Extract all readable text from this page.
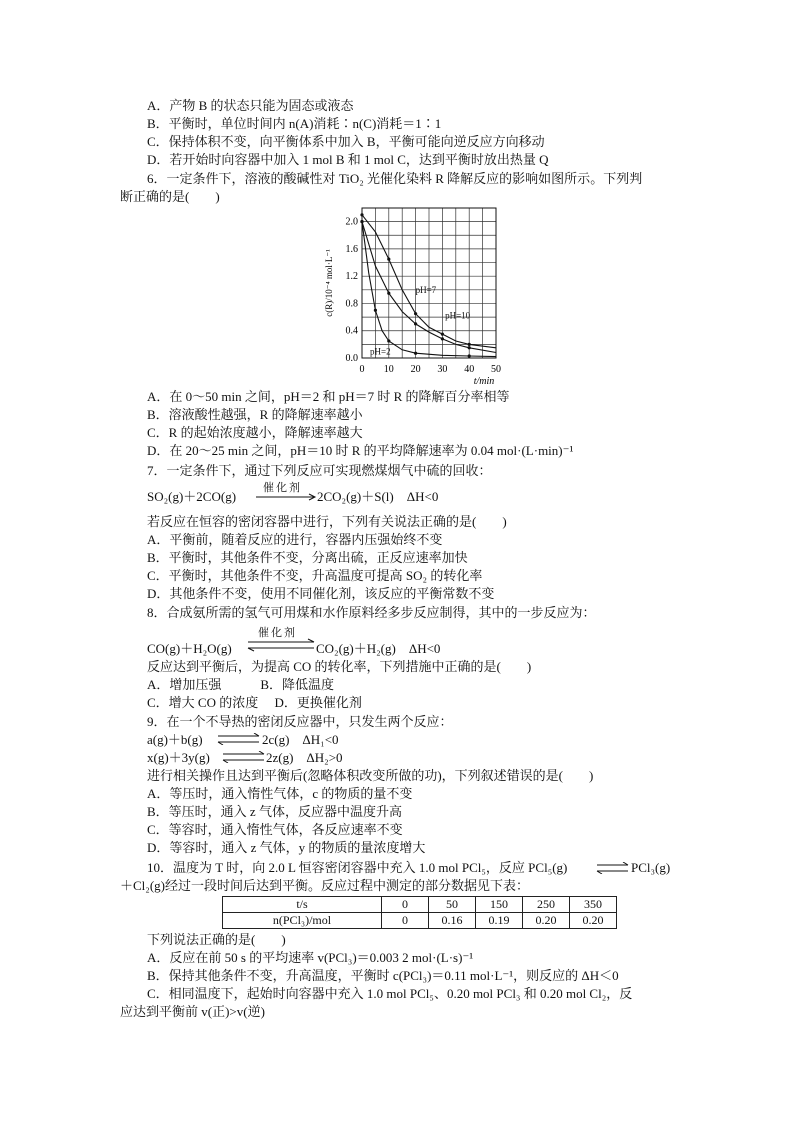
A．产物 B 的状态只能为固态或液态
B．平衡时，单位时间内 n(A)消耗∶n(C)消耗＝1∶1
C．保持体积不变，向平衡体系中加入 B，平衡可能向逆反应方向移动
D．若开始时向容器中加入 1 mol B 和 1 mol C，达到平衡时放出热量 Q
6．一定条件下，溶液的酸碱性对 TiO₂ 光催化染料 R 降解反应的影响如图所示。下列判
断正确的是(　　)
0 10 20 30 40 50
0.0
0.4
0.8
1.2
1.6
2.0
t/min
c(R)/10⁻⁴ mol·L⁻¹
pH=2
pH=7
pH=10
A．在 0～50 min 之间，pH＝2 和 pH＝7 时 R 的降解百分率相等
B．溶液酸性越强，R 的降解速率越小
C．R 的起始浓度越小，降解速率越大
D．在 20～25 min 之间，pH＝10 时 R 的平均降解速率为 0.04 mol·(L·min)⁻¹
7．一定条件下，通过下列反应可实现燃煤烟气中硫的回收：
SO₂(g)＋2CO(g)
催化剂
2CO₂(g)＋S(l)　ΔH<0
若反应在恒容的密闭容器中进行，下列有关说法正确的是(　　)
A．平衡前，随着反应的进行，容器内压强始终不变
B．平衡时，其他条件不变，分离出硫，正反应速率加快
C．平衡时，其他条件不变，升高温度可提高 SO₂ 的转化率
D．其他条件不变，使用不同催化剂，该反应的平衡常数不变
8．合成氨所需的氢气可用煤和水作原料经多步反应制得，其中的一步反应为：
CO(g)＋H₂O(g)
催化剂
CO₂(g)＋H₂(g)　ΔH<0
反应达到平衡后，为提高 CO 的转化率，下列措施中正确的是(　　)
A．增加压强　　　B．降低温度
C．增大 CO 的浓度　 D．更换催化剂
9．在一个不导热的密闭反应器中，只发生两个反应：
a(g)＋b(g)	2c(g)　ΔH₁<0
x(g)＋3y(g)	2z(g)　ΔH₂>0
进行相关操作且达到平衡后(忽略体积改变所做的功)，下列叙述错误的是(　　)
A．等压时，通入惰性气体，c 的物质的量不变
B．等压时，通入 z 气体，反应器中温度升高
C．等容时，通入惰性气体，各反应速率不变
D．等容时，通入 z 气体，y 的物质的量浓度增大
10．温度为 T 时，向 2.0 L 恒容密闭容器中充入 1.0 mol PCl₅，反应 PCl₅(g)	PCl₃(g)
＋Cl₂(g)经过一段时间后达到平衡。反应过程中测定的部分数据见下表：
t/s	0	50	150	250	350
n(PCl₃)/mol	0	0.16	0.19	0.20	0.20
下列说法正确的是(　　)
A．反应在前 50 s 的平均速率 v(PCl₃)＝0.003 2 mol·(L·s)⁻¹
B．保持其他条件不变，升高温度，平衡时 c(PCl₃)＝0.11 mol·L⁻¹，则反应的 ΔH＜0
C．相同温度下，起始时向容器中充入 1.0 mol PCl₅、0.20 mol PCl₃ 和 0.20 mol Cl₂，反
应达到平衡前 v(正)>v(逆)
